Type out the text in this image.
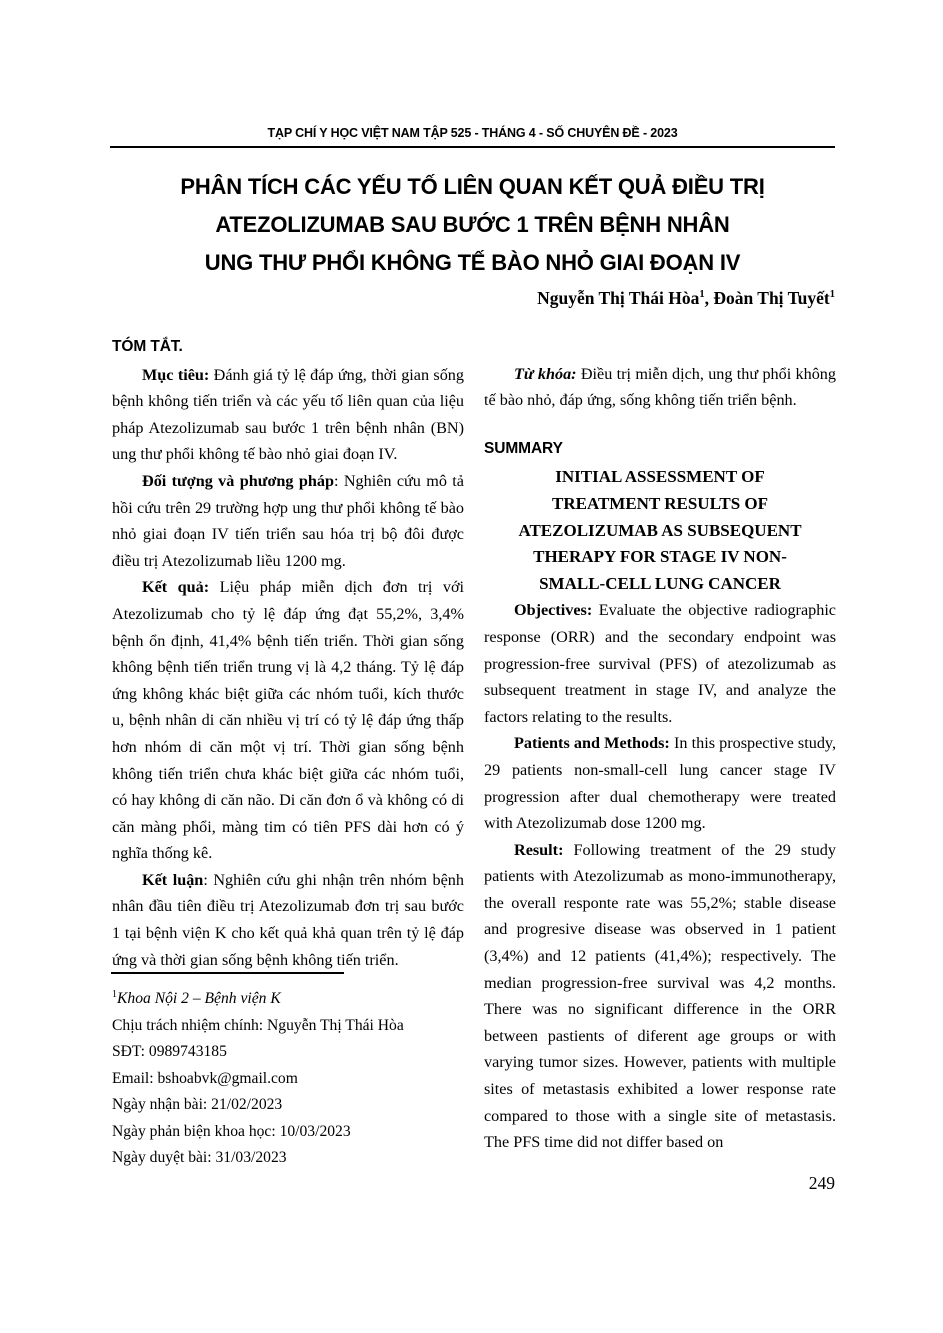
TẠP CHÍ Y HỌC VIỆT NAM TẬP 525 - THÁNG 4 - SỐ CHUYÊN ĐỀ - 2023
PHÂN TÍCH CÁC YẾU TỐ LIÊN QUAN KẾT QUẢ ĐIỀU TRỊ
ATEZOLIZUMAB SAU BƯỚC 1 TRÊN BỆNH NHÂN
UNG THƯ PHỔI KHÔNG TẾ BÀO NHỎ GIAI ĐOẠN IV
Nguyễn Thị Thái Hòa$^1$, Đoàn Thị Tuyết$^1$
TÓM TẮT.

Mục tiêu: Đánh giá tỷ lệ đáp ứng, thời gian sống bệnh không tiến triển và các yếu tố liên quan của liệu pháp Atezolizumab sau bước 1 trên bệnh nhân (BN) ung thư phổi không tế bào nhỏ giai đoạn IV.

Đối tượng và phương pháp: Nghiên cứu mô tả hồi cứu trên 29 trường hợp ung thư phổi không tế bào nhỏ giai đoạn IV tiến triển sau hóa trị bộ đôi được điều trị Atezolizumab liều 1200 mg.

Kết quả: Liệu pháp miễn dịch đơn trị với Atezolizumab cho tỷ lệ đáp ứng đạt 55,2%, 3,4% bệnh ổn định, 41,4% bệnh tiến triển. Thời gian sống không bệnh tiến triển trung vị là 4,2 tháng. Tỷ lệ đáp ứng không khác biệt giữa các nhóm tuổi, kích thước u, bệnh nhân di căn nhiều vị trí có tỷ lệ đáp ứng thấp hơn nhóm di căn một vị trí. Thời gian sống bệnh không tiến triển chưa khác biệt giữa các nhóm tuổi, có hay không di căn não. Di căn đơn ổ và không có di căn màng phổi, màng tim có tiên PFS dài hơn có ý nghĩa thống kê.

Kết luận: Nghiên cứu ghi nhận trên nhóm bệnh nhân đầu tiên điều trị Atezolizumab đơn trị sau bước 1 tại bệnh viện K cho kết quả khả quan trên tỷ lệ đáp ứng và thời gian sống bệnh không tiến triển.

Từ khóa: Điều trị miễn dịch, ung thư phổi không tế bào nhỏ, đáp ứng, sống không tiến triển bệnh.

SUMMARY
INITIAL ASSESSMENT OF
TREATMENT RESULTS OF
ATEZOLIZUMAB AS SUBSEQUENT
THERAPY FOR STAGE IV NON-
SMALL-CELL LUNG CANCER

Objectives: Evaluate the objective radiographic response (ORR) and the secondary endpoint was progression-free survival (PFS) of atezolizumab as subsequent treatment in stage IV, and analyze the factors relating to the results.

Patients and Methods: In this prospective study, 29 patients non-small-cell lung cancer stage IV progression after dual chemotherapy were treated with Atezolizumab dose 1200 mg.

Result: Following treatment of the 29 study patients with Atezolizumab as mono-immunotherapy, the overall responte rate was 55,2%; stable disease and progresive disease was observed in 1 patient (3,4%) and 12 patients (41,4%); respectively. The median progression-free survival was 4,2 months. There was no significant difference in the ORR between pastients of diferent age groups or with varying tumor sizes. However, patients with multiple sites of metastasis exhibited a lower response rate compared to those with a single site of metastasis. The PFS time did not differ based on

$^1$Khoa Nội 2 – Bệnh viện K
Chịu trách nhiệm chính: Nguyễn Thị Thái Hòa
SĐT: 0989743185
Email: bshoabvk@gmail.com
Ngày nhận bài: 21/02/2023
Ngày phản biện khoa học: 10/03/2023
Ngày duyệt bài: 31/03/2023
249
